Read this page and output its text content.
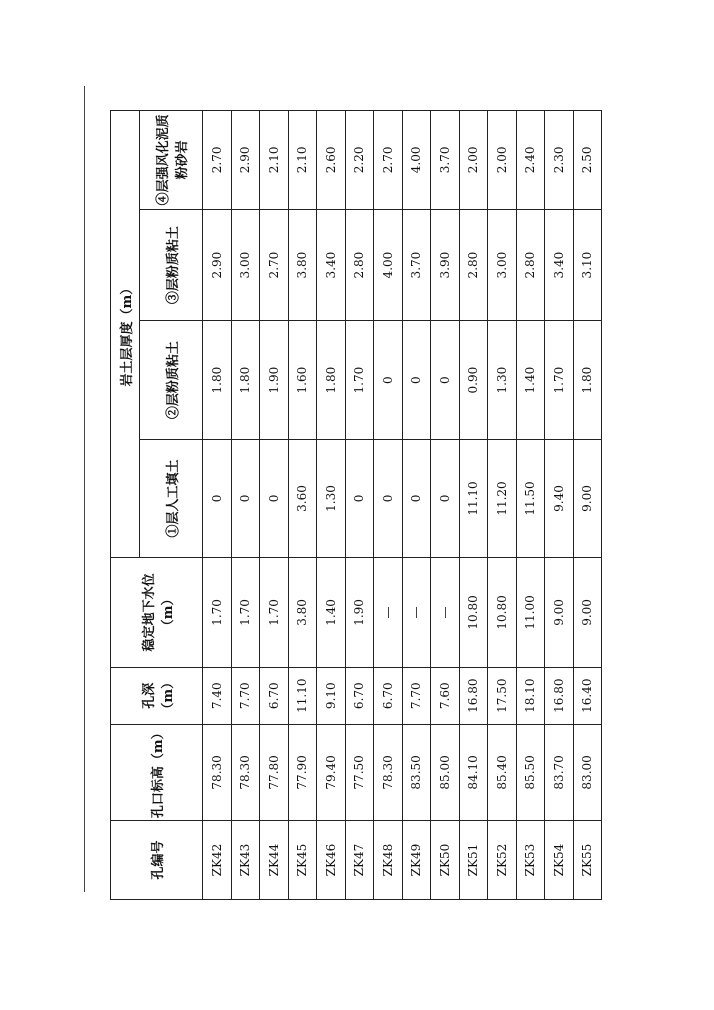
孔编号	孔口标高（m）	孔深（m）	稳定地下水位（m）	岩土层厚度（m）			
				①层人工填土	②层粉质粘土	③层粉质粘土	④层强风化泥质粉砂岩
ZK42	78.30	7.40	1.70	0	1.80	2.90	2.70
ZK43	78.30	7.70	1.70	0	1.80	3.00	2.90
ZK44	77.80	6.70	1.70	0	1.90	2.70	2.10
ZK45	77.90	11.10	3.80	3.60	1.60	3.80	2.10
ZK46	79.40	9.10	1.40	1.30	1.80	3.40	2.60
ZK47	77.50	6.70	1.90	0	1.70	2.80	2.20
ZK48	78.30	6.70	—	0	0	4.00	2.70
ZK49	83.50	7.70	—	0	0	3.70	4.00
ZK50	85.00	7.60	—	0	0	3.90	3.70
ZK51	84.10	16.80	10.80	11.10	0.90	2.80	2.00
ZK52	85.40	17.50	10.80	11.20	1.30	3.00	2.00
ZK53	85.50	18.10	11.00	11.50	1.40	2.80	2.40
ZK54	83.70	16.80	9.00	9.40	1.70	3.40	2.30
ZK55	83.00	16.40	9.00	9.00	1.80	3.10	2.50
